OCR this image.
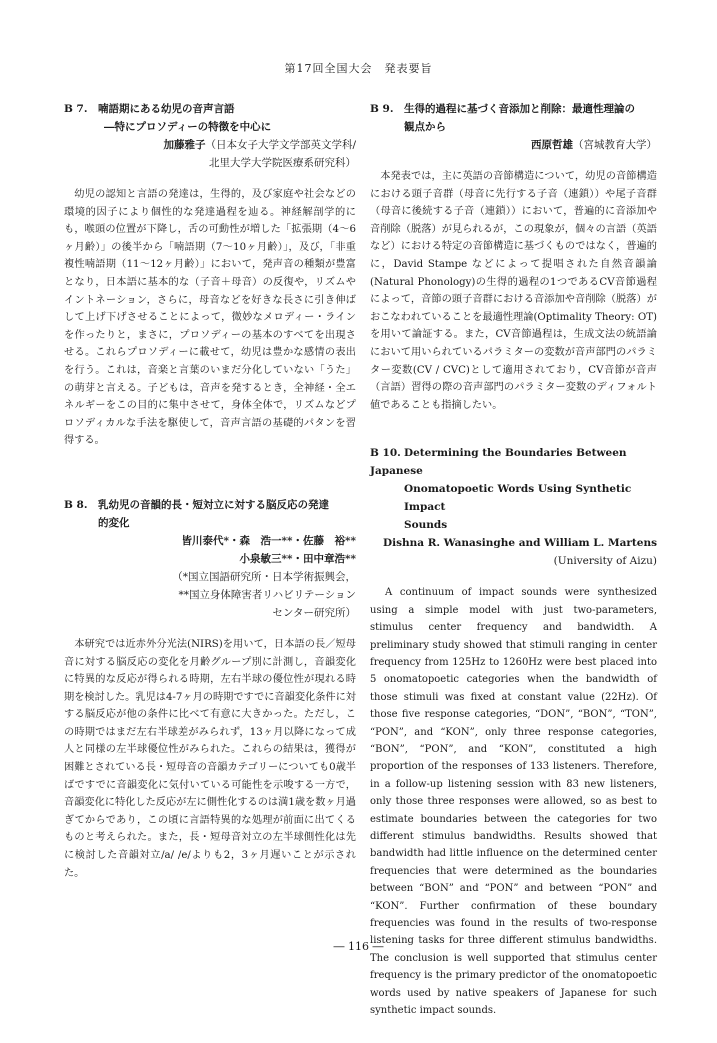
第17回全国大会　発表要旨
B 7. 喃語期にある幼児の音声言語
―特にプロソディーの特徴を中心に
加藤雅子（日本女子大学文学部英文学科/
北里大学大学院医療系研究科）
幼児の認知と言語の発達は，生得的，及び家庭や社会などの環境的因子により個性的な発達過程を辿る。神経解剖学的にも，喉頭の位置が下降し，舌の可動性が増した「拡張期（4～6ヶ月齢）」の後半から「喃語期（7～10ヶ月齢）」，及び，「非重複性喃語期（11～12ヶ月齢）」において，発声音の種類が豊富となり，日本語に基本的な（子音＋母音）の反復や，リズムやイントネーション，さらに，母音などを好きな長さに引き伸ばして上げ下げさせることによって，微妙なメロディー・ラインを作ったりと，まさに，プロソディーの基本のすべてを出現させる。これらプロソディーに載せて，幼児は豊かな感情の表出を行う。これは，音楽と言葉のいまだ分化していない「うた」の萌芽と言える。子どもは，音声を発するとき，全神経・全エネルギーをこの目的に集中させて，身体全体で，リズムなどプロソディカルな手法を駆使して，音声言語の基礎的パタンを習得する。
B 8. 乳幼児の音韻的長・短対立に対する脳反応の発達
的変化
皆川泰代*・森　浩一**・佐藤　裕**
小泉敏三**・田中章浩**
（*国立国語研究所・日本学術振興会，
**国立身体障害者リハビリテーション
センター研究所）
本研究では近赤外分光法(NIRS)を用いて，日本語の長／短母音に対する脳反応の変化を月齢グループ別に計測し，音韻変化に特異的な反応が得られる時期，左右半球の優位性が現れる時期を検討した。乳児は4-7ヶ月の時期ですでに音韻変化条件に対する脳反応が他の条件に比べて有意に大きかった。ただし，この時期ではまだ左右半球差がみられず，13ヶ月以降になって成人と同様の左半球優位性がみられた。これらの結果は，獲得が困難とされている長・短母音の音韻カテゴリーについても0歳半ばですでに音韻変化に気付いている可能性を示唆する一方で，音韻変化に特化した反応が左に側性化するのは満1歳を数ヶ月過ぎてからであり，この頃に言語特異的な処理が前面に出てくるものと考えられた。また，長・短母音対立の左半球側性化は先に検討した音韻対立/a/ /e/よりも2，3ヶ月遅いことが示された。
B 9. 生得的過程に基づく音添加と削除：最適性理論の
観点から
西原哲雄（宮城教育大学）
本発表では，主に英語の音節構造について，幼児の音節構造における頭子音群（母音に先行する子音（連鎖））や尾子音群（母音に後続する子音（連鎖））において，普遍的に音添加や音削除（脱落）が見られるが，この現象が，個々の言語（英語など）における特定の音節構造に基づくものではなく，普遍的に，David Stampe などによって提唱された自然音韻論(Natural Phonology)の生得的過程の1つであるCV音節過程によって，音節の頭子音群における音添加や音削除（脱落）がおこなわれていることを最適性理論(Optimality Theory: OT)を用いて論証する。また，CV音節過程は，生成文法の統語論において用いられているパラミターの変数が音声部門のパラミター変数(CV / CVC)として適用されており，CV音節が音声（言語）習得の際の音声部門のパラミター変数のディフォルト値であることも指摘したい。
B 10. Determining the Boundaries Between Japanese
Onomatopoetic Words Using Synthetic Impact
Sounds
Dishna R. Wanasinghe and William L. Martens
(University of Aizu)
A continuum of impact sounds were synthesized using a simple model with just two-parameters, stimulus center frequency and bandwidth. A preliminary study showed that stimuli ranging in center frequency from 125Hz to 1260Hz were best placed into 5 onomatopoetic categories when the bandwidth of those stimuli was fixed at constant value (22Hz). Of those five response categories, “DON”, “BON”, “TON”, “PON”, and “KON”, only three response categories, “BON”, “PON”, and “KON”, constituted a high proportion of the responses of 133 listeners. Therefore, in a follow-up listening session with 83 new listeners, only those three responses were allowed, so as best to estimate boundaries between the categories for two different stimulus bandwidths. Results showed that bandwidth had little influence on the determined center frequencies that were determined as the boundaries between “BON” and “PON” and between “PON” and “KON”. Further confirmation of these boundary frequencies was found in the results of two-response listening tasks for three different stimulus bandwidths. The conclusion is well supported that stimulus center frequency is the primary predictor of the onomatopoetic words used by native speakers of Japanese for such synthetic impact sounds.
― 116 ―
